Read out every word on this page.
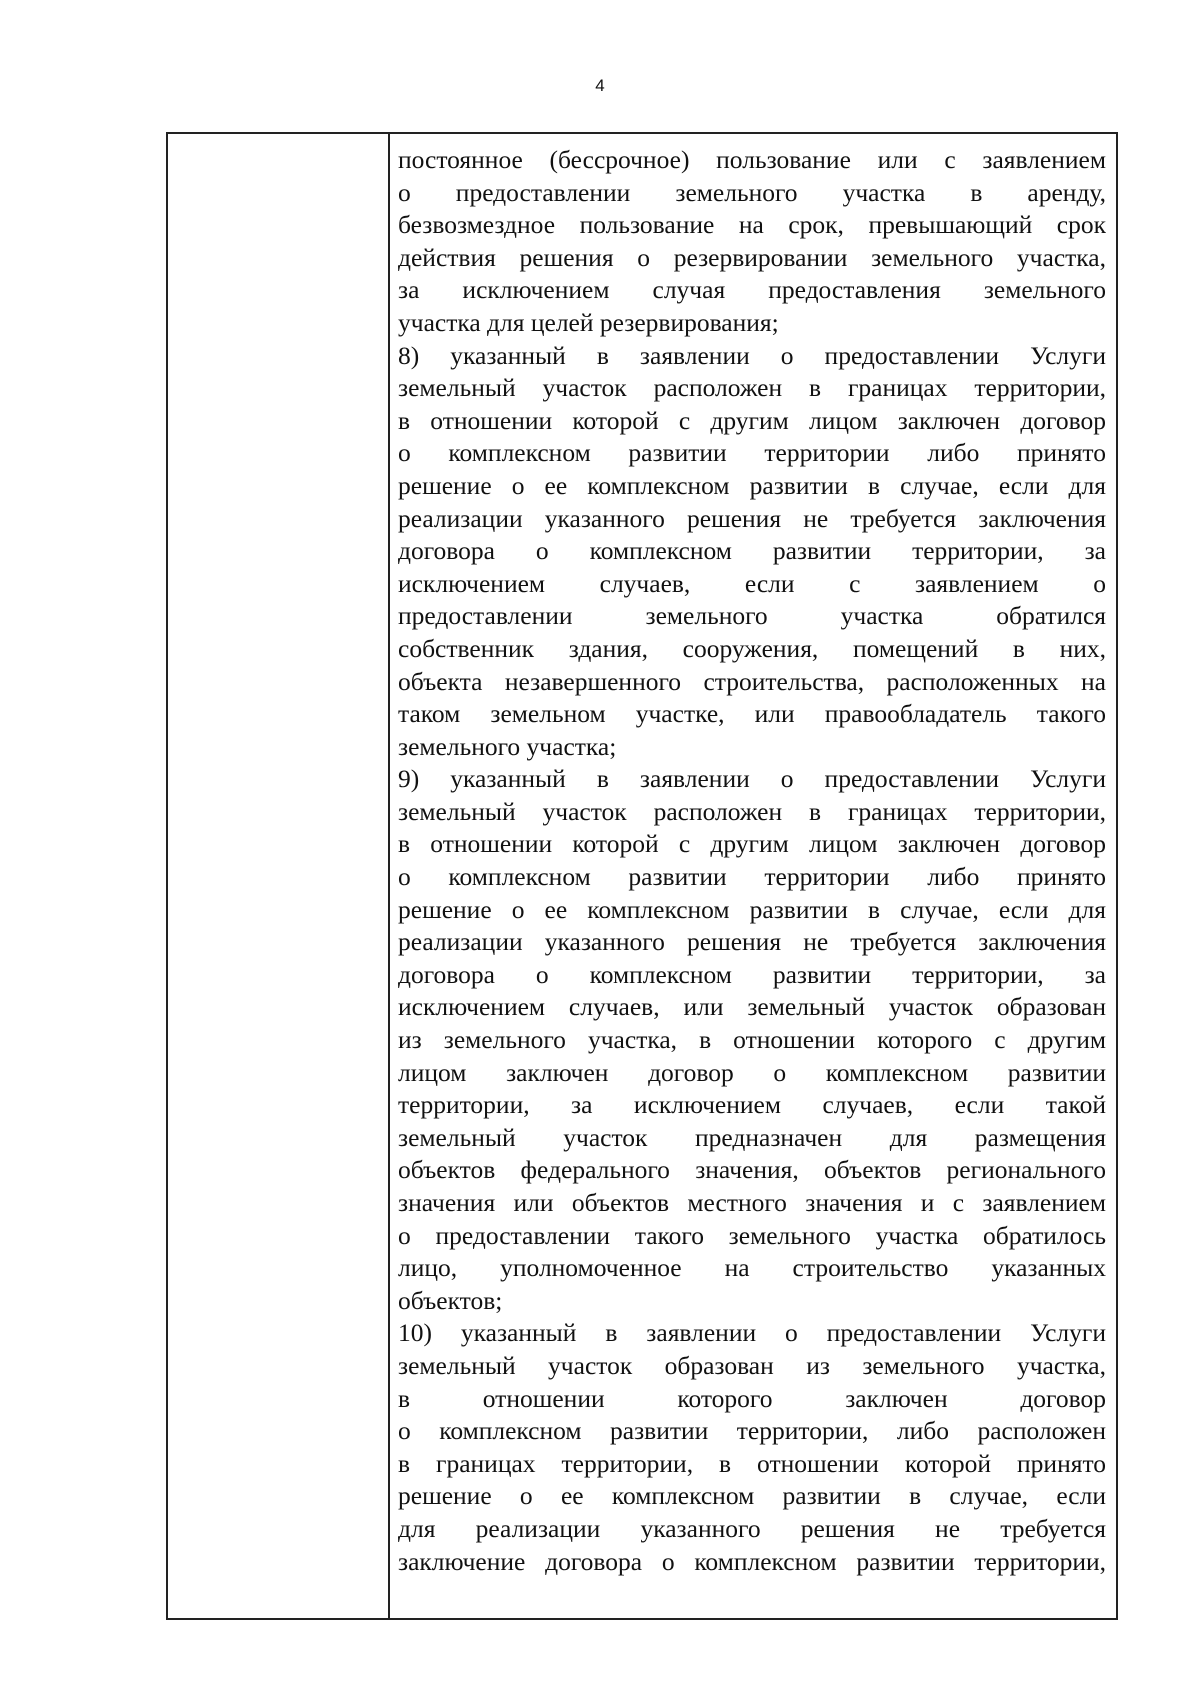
4
постоянное (бессрочное) пользование или с заявлением
о предоставлении земельного участка в аренду,
безвозмездное пользование на срок, превышающий срок
действия решения о резервировании земельного участка,
за исключением случая предоставления земельного
участка для целей резервирования;
8) указанный в заявлении о предоставлении Услуги
земельный участок расположен в границах территории,
в отношении которой с другим лицом заключен договор
о комплексном развитии территории либо принято
решение о ее комплексном развитии в случае, если для
реализации указанного решения не требуется заключения
договора о комплексном развитии территории, за
исключением случаев, если с заявлением о
предоставлении земельного участка обратился
собственник здания, сооружения, помещений в них,
объекта незавершенного строительства, расположенных на
таком земельном участке, или правообладатель такого
земельного участка;
9) указанный в заявлении о предоставлении Услуги
земельный участок расположен в границах территории,
в отношении которой с другим лицом заключен договор
о комплексном развитии территории либо принято
решение о ее комплексном развитии в случае, если для
реализации указанного решения не требуется заключения
договора о комплексном развитии территории, за
исключением случаев, или земельный участок образован
из земельного участка, в отношении которого с другим
лицом заключен договор о комплексном развитии
территории, за исключением случаев, если такой
земельный участок предназначен для размещения
объектов федерального значения, объектов регионального
значения или объектов местного значения и с заявлением
о предоставлении такого земельного участка обратилось
лицо, уполномоченное на строительство указанных
объектов;
10) указанный в заявлении о предоставлении Услуги
земельный участок образован из земельного участка,
в отношении которого заключен договор
о комплексном развитии территории, либо расположен
в границах территории, в отношении которой принято
решение о ее комплексном развитии в случае, если
для реализации указанного решения не требуется
заключение договора о комплексном развитии территории,
